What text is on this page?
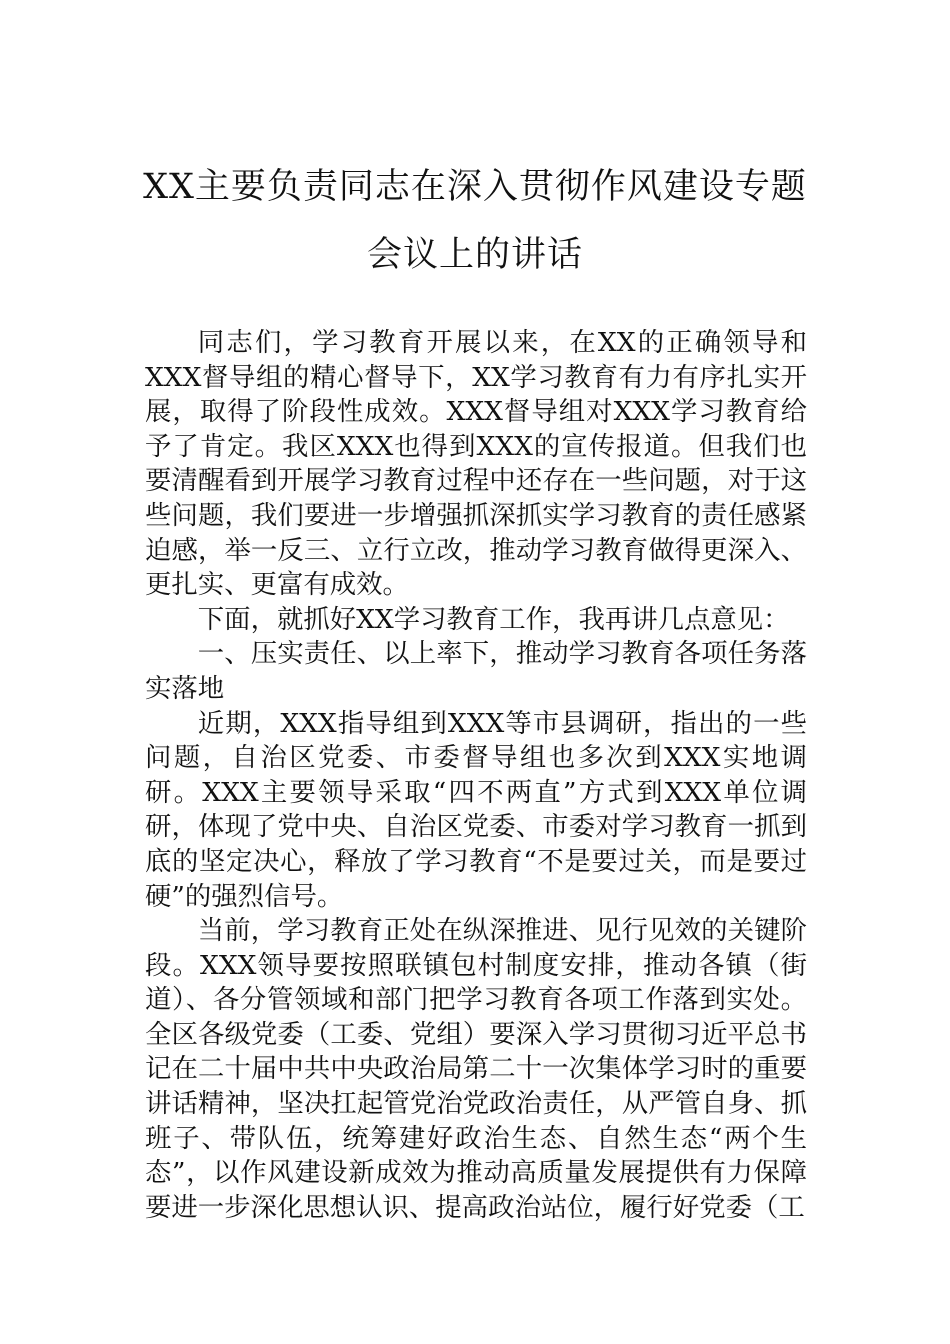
XX主要负责同志在深入贯彻作风建设专题
会议上的讲话

同志们，学习教育开展以来，在XX的正确领导和XXX督导组的精心督导下，XX学习教育有力有序扎实开展，取得了阶段性成效。XXX督导组对XXX学习教育给予了肯定。我区XXX也得到XXX的宣传报道。但我们也要清醒看到开展学习教育过程中还存在一些问题，对于这些问题，我们要进一步增强抓深抓实学习教育的责任感紧迫感，举一反三、立行立改，推动学习教育做得更深入、更扎实、更富有成效。

下面，就抓好XX学习教育工作，我再讲几点意见：

一、压实责任、以上率下，推动学习教育各项任务落实落地

近期，XXX指导组到XXX等市县调研，指出的一些问题，自治区党委、市委督导组也多次到XXX实地调研。XXX主要领导采取“四不两直”方式到XXX单位调研，体现了党中央、自治区党委、市委对学习教育一抓到底的坚定决心，释放了学习教育“不是要过关，而是要过硬”的强烈信号。

当前，学习教育正处在纵深推进、见行见效的关键阶段。XXX领导要按照联镇包村制度安排，推动各镇（街道）、各分管领域和部门把学习教育各项工作落到实处。全区各级党委（工委、党组）要深入学习贯彻习近平总书记在二十届中共中央政治局第二十一次集体学习时的重要讲话精神，坚决扛起管党治党政治责任，从严管自身、抓班子、带队伍，统筹建好政治生态、自然生态“两个生态”，以作风建设新成效为推动高质量发展提供有力保障要进一步深化思想认识、提高政治站位，履行好党委（工
